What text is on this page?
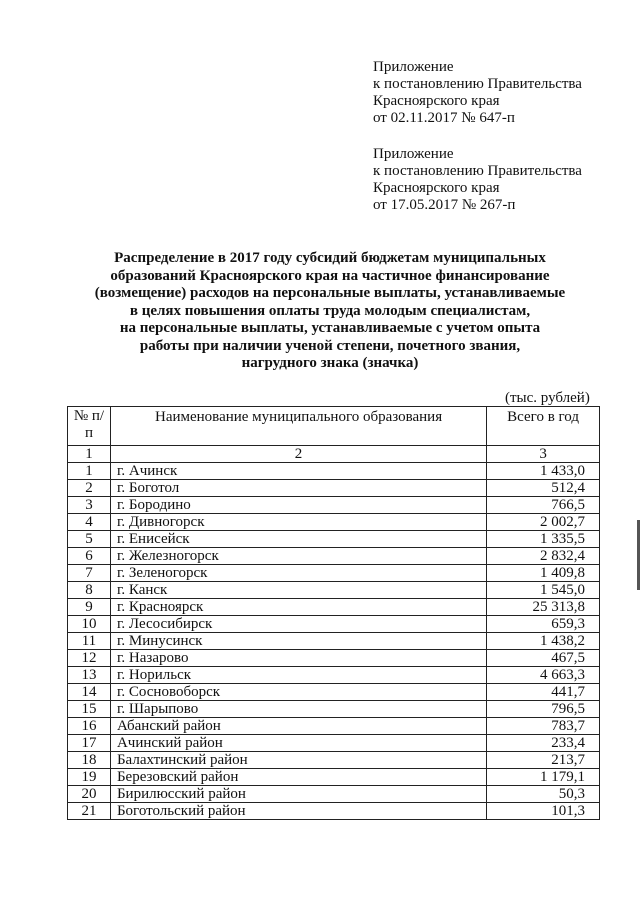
Приложение
к постановлению Правительства
Красноярского края
от 02.11.2017 № 647-п
Приложение
к постановлению Правительства
Красноярского края
от 17.05.2017 № 267-п
Распределение в 2017 году субсидий бюджетам муниципальных
образований Красноярского края на частичное финансирование
(возмещение) расходов на персональные выплаты, устанавливаемые
в целях повышения оплаты труда молодым специалистам,
на персональные выплаты, устанавливаемые с учетом опыта
работы при наличии ученой степени, почетного звания,
нагрудного знака (значка)
(тыс. рублей)
№ п/п	Наименование муниципального образования	Всего в год
1	2	3
1	г. Ачинск	1 433,0
2	г. Боготол	512,4
3	г. Бородино	766,5
4	г. Дивногорск	2 002,7
5	г. Енисейск	1 335,5
6	г. Железногорск	2 832,4
7	г. Зеленогорск	1 409,8
8	г. Канск	1 545,0
9	г. Красноярск	25 313,8
10	г. Лесосибирск	659,3
11	г. Минусинск	1 438,2
12	г. Назарово	467,5
13	г. Норильск	4 663,3
14	г. Сосновоборск	441,7
15	г. Шарыпово	796,5
16	Абанский район	783,7
17	Ачинский район	233,4
18	Балахтинский район	213,7
19	Березовский район	1 179,1
20	Бирилюсский район	50,3
21	Боготольский район	101,3
